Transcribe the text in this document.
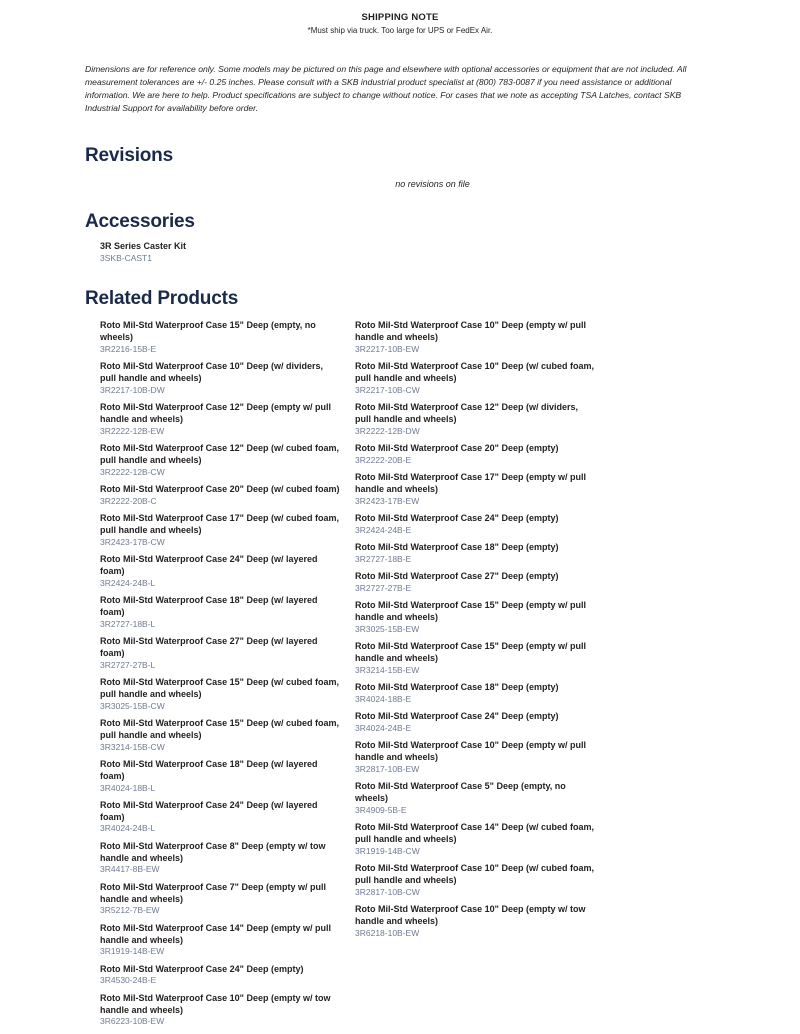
SHIPPING NOTE
*Must ship via truck. Too large for UPS or FedEx Air.
Dimensions are for reference only. Some models may be pictured on this page and elsewhere with optional accessories or equipment that are not included. All measurement tolerances are +/- 0.25 inches. Please consult with a SKB industrial product specialist at (800) 783-0087 if you need assistance or additional information. We are here to help. Product specifications are subject to change without notice. For cases that we note as accepting TSA Latches, contact SKB Industrial Support for availability before order.
Revisions
no revisions on file
Accessories
3R Series Caster Kit
3SKB-CAST1
Related Products
Roto Mil-Std Waterproof Case 15" Deep (empty, no wheels)
3R2216-15B-E
Roto Mil-Std Waterproof Case 10" Deep (w/ dividers, pull handle and wheels)
3R2217-10B-DW
Roto Mil-Std Waterproof Case 12" Deep (empty w/ pull handle and wheels)
3R2222-12B-EW
Roto Mil-Std Waterproof Case 12" Deep (w/ cubed foam, pull handle and wheels)
3R2222-12B-CW
Roto Mil-Std Waterproof Case 20" Deep (w/ cubed foam)
3R2222-20B-C
Roto Mil-Std Waterproof Case 17" Deep (w/ cubed foam, pull handle and wheels)
3R2423-17B-CW
Roto Mil-Std Waterproof Case 24" Deep (w/ layered foam)
3R2424-24B-L
Roto Mil-Std Waterproof Case 18" Deep (w/ layered foam)
3R2727-18B-L
Roto Mil-Std Waterproof Case 27" Deep (w/ layered foam)
3R2727-27B-L
Roto Mil-Std Waterproof Case 15" Deep (w/ cubed foam, pull handle and wheels)
3R3025-15B-CW
Roto Mil-Std Waterproof Case 15" Deep (w/ cubed foam, pull handle and wheels)
3R3214-15B-CW
Roto Mil-Std Waterproof Case 18" Deep (w/ layered foam)
3R4024-18B-L
Roto Mil-Std Waterproof Case 24" Deep (w/ layered foam)
3R4024-24B-L
Roto Mil-Std Waterproof Case 8" Deep (empty w/ tow handle and wheels)
3R4417-8B-EW
Roto Mil-Std Waterproof Case 7" Deep (empty w/ pull handle and wheels)
3R5212-7B-EW
Roto Mil-Std Waterproof Case 14" Deep (empty w/ pull handle and wheels)
3R1919-14B-EW
Roto Mil-Std Waterproof Case 24" Deep (empty)
3R4530-24B-E
Roto Mil-Std Waterproof Case 10" Deep (empty w/ tow handle and wheels)
3R6223-10B-EW
Roto Mil-Std Waterproof Case 10" Deep (empty w/ pull handle and wheels)
3R2217-10B-EW
Roto Mil-Std Waterproof Case 10" Deep (w/ cubed foam, pull handle and wheels)
3R2217-10B-CW
Roto Mil-Std Waterproof Case 12" Deep (w/ dividers, pull handle and wheels)
3R2222-12B-DW
Roto Mil-Std Waterproof Case 20" Deep (empty)
3R2222-20B-E
Roto Mil-Std Waterproof Case 17" Deep (empty w/ pull handle and wheels)
3R2423-17B-EW
Roto Mil-Std Waterproof Case 24" Deep (empty)
3R2424-24B-E
Roto Mil-Std Waterproof Case 18" Deep (empty)
3R2727-18B-E
Roto Mil-Std Waterproof Case 27" Deep (empty)
3R2727-27B-E
Roto Mil-Std Waterproof Case 15" Deep (empty w/ pull handle and wheels)
3R3025-15B-EW
Roto Mil-Std Waterproof Case 15" Deep (empty w/ pull handle and wheels)
3R3214-15B-EW
Roto Mil-Std Waterproof Case 18" Deep (empty)
3R4024-18B-E
Roto Mil-Std Waterproof Case 24" Deep (empty)
3R4024-24B-E
Roto Mil-Std Waterproof Case 10" Deep (empty w/ pull handle and wheels)
3R2817-10B-EW
Roto Mil-Std Waterproof Case 5" Deep (empty, no wheels)
3R4909-5B-E
Roto Mil-Std Waterproof Case 14" Deep (w/ cubed foam, pull handle and wheels)
3R1919-14B-CW
Roto Mil-Std Waterproof Case 10" Deep (w/ cubed foam, pull handle and wheels)
3R2817-10B-CW
Roto Mil-Std Waterproof Case 10" Deep (empty w/ tow handle and wheels)
3R6218-10B-EW
